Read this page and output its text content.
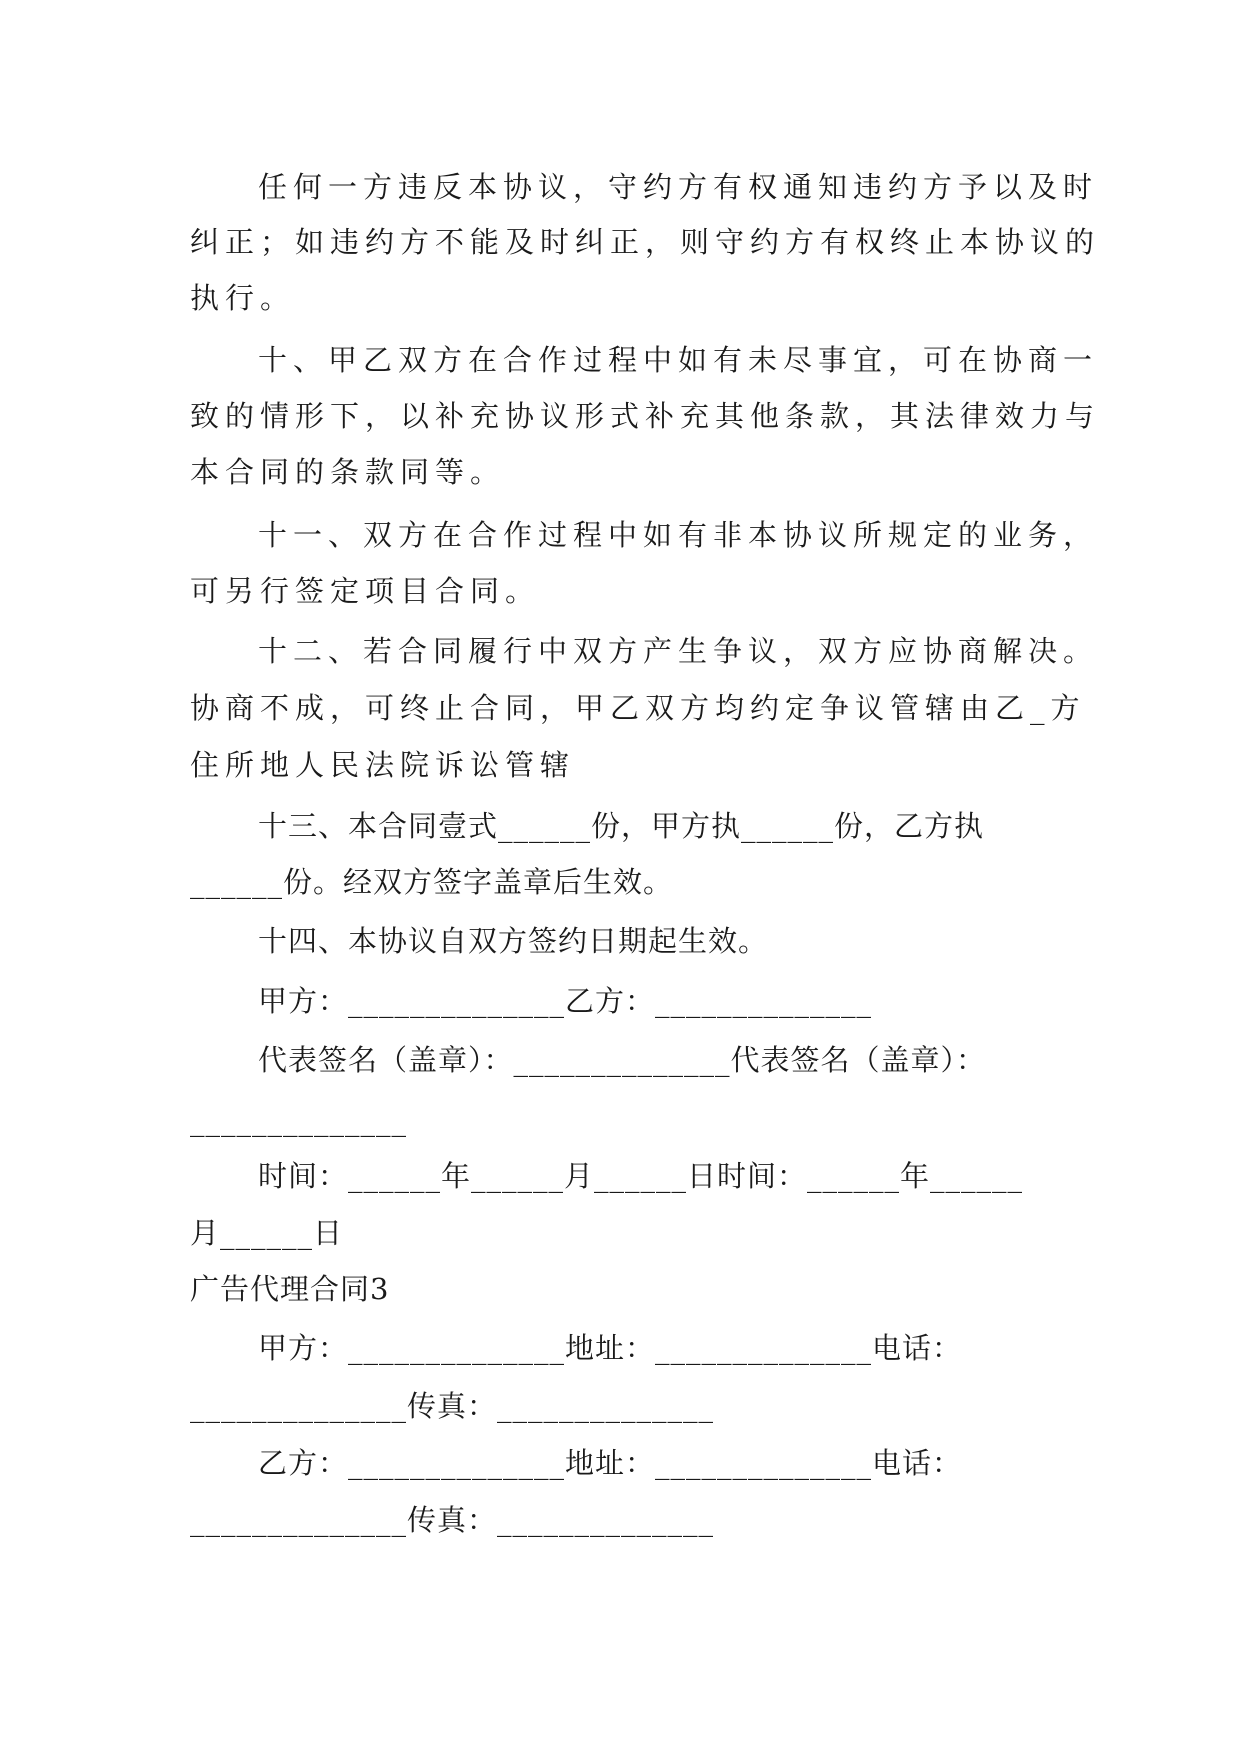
任何一方违反本协议，守约方有权通知违约方予以及时
纠正；如违约方不能及时纠正，则守约方有权终止本协议的
执行。
十、甲乙双方在合作过程中如有未尽事宜，可在协商一
致的情形下，以补充协议形式补充其他条款，其法律效力与
本合同的条款同等。
十一、双方在合作过程中如有非本协议所规定的业务，
可另行签定项目合同。
十二、若合同履行中双方产生争议，双方应协商解决。
协商不成，可终止合同，甲乙双方均约定争议管辖由乙_方
住所地人民法院诉讼管辖
十三、本合同壹式______份，甲方执______份，乙方执
______份。经双方签字盖章后生效。
十四、本协议自双方签约日期起生效。
甲方：______________乙方：______________
代表签名（盖章）：______________代表签名（盖章）：
______________
时间：______年______月______日时间：______年______
月______日
广告代理合同3
甲方：______________地址：______________电话：
______________传真：______________
乙方：______________地址：______________电话：
______________传真：______________
